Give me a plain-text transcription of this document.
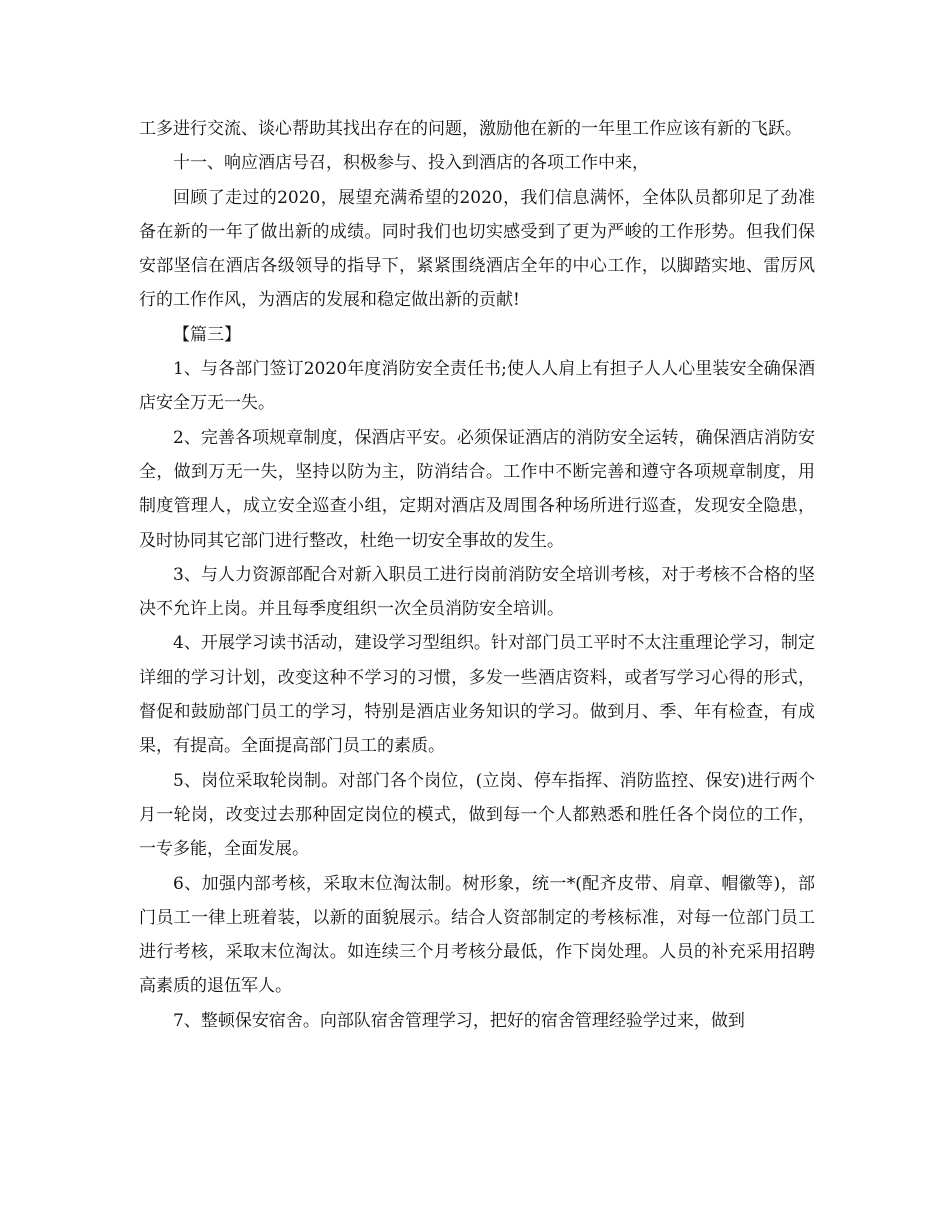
工多进行交流、谈心帮助其找出存在的问题，激励他在新的一年里工作应该有新的飞跃。

十一、响应酒店号召，积极参与、投入到酒店的各项工作中来，

回顾了走过的2020，展望充满希望的2020，我们信息满怀，全体队员都卯足了劲准备在新的一年了做出新的成绩。同时我们也切实感受到了更为严峻的工作形势。但我们保安部坚信在酒店各级领导的指导下，紧紧围绕酒店全年的中心工作，以脚踏实地、雷厉风行的工作作风，为酒店的发展和稳定做出新的贡献!

【篇三】

1、与各部门签订2020年度消防安全责任书;使人人肩上有担子人人心里装安全确保酒店安全万无一失。

2、完善各项规章制度，保酒店平安。必须保证酒店的消防安全运转，确保酒店消防安全，做到万无一失，坚持以防为主，防消结合。工作中不断完善和遵守各项规章制度，用制度管理人，成立安全巡查小组，定期对酒店及周围各种场所进行巡查，发现安全隐患，及时协同其它部门进行整改，杜绝一切安全事故的发生。

3、与人力资源部配合对新入职员工进行岗前消防安全培训考核，对于考核不合格的坚决不允许上岗。并且每季度组织一次全员消防安全培训。

4、开展学习读书活动，建设学习型组织。针对部门员工平时不太注重理论学习，制定详细的学习计划，改变这种不学习的习惯，多发一些酒店资料，或者写学习心得的形式，督促和鼓励部门员工的学习，特别是酒店业务知识的学习。做到月、季、年有检查，有成果，有提高。全面提高部门员工的素质。

5、岗位采取轮岗制。对部门各个岗位，(立岗、停车指挥、消防监控、保安)进行两个月一轮岗，改变过去那种固定岗位的模式，做到每一个人都熟悉和胜任各个岗位的工作，一专多能，全面发展。

6、加强内部考核，采取末位淘汰制。树形象，统一*(配齐皮带、肩章、帽徽等)，部门员工一律上班着装，以新的面貌展示。结合人资部制定的考核标准，对每一位部门员工进行考核，采取末位淘汰。如连续三个月考核分最低，作下岗处理。人员的补充采用招聘高素质的退伍军人。

7、整顿保安宿舍。向部队宿舍管理学习，把好的宿舍管理经验学过来，做到
